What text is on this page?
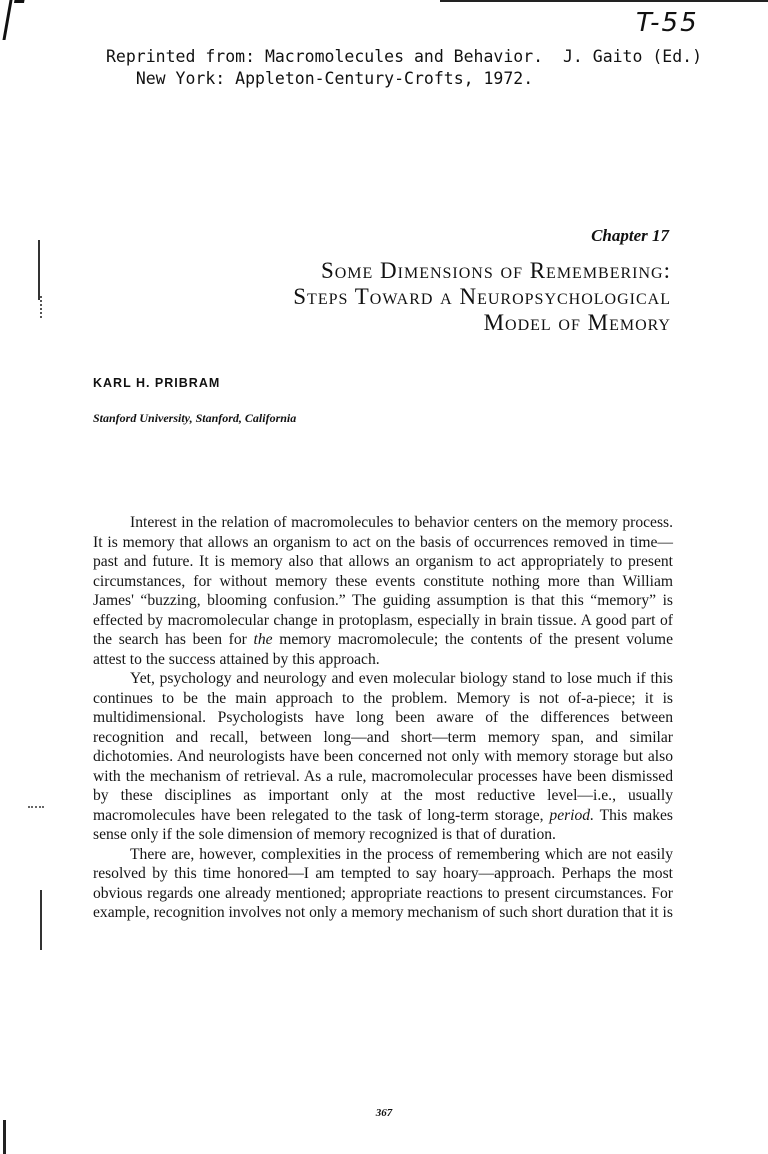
T-55
Reprinted from: Macromolecules and Behavior.  J. Gaito (Ed.)
New York: Appleton-Century-Crofts, 1972.
Chapter 17
Some Dimensions of Remembering:
Steps Toward a Neuropsychological
Model of Memory
KARL H. PRIBRAM
Stanford University, Stanford, California

Interest in the relation of macromolecules to behavior centers on the memory process. It is memory that allows an organism to act on the basis of occurrences removed in time—past and future. It is memory also that allows an organism to act appropriately to present circumstances, for without memory these events constitute nothing more than William James' “buzzing, blooming confusion.” The guiding assumption is that this “memory” is effected by macromolecular change in protoplasm, especially in brain tissue. A good part of the search has been for the memory macromolecule; the contents of the present volume attest to the success attained by this approach.

Yet, psychology and neurology and even molecular biology stand to lose much if this continues to be the main approach to the problem. Memory is not of-a-piece; it is multidimensional. Psychologists have long been aware of the differences between recognition and recall, between long—and short—term memory span, and similar dichotomies. And neurologists have been concerned not only with memory storage but also with the mechanism of retrieval. As a rule, macromolecular processes have been dismissed by these disciplines as important only at the most reductive level—i.e., usually macromolecules have been relegated to the task of long-term storage, period. This makes sense only if the sole dimension of memory recognized is that of duration.

There are, however, complexities in the process of remembering which are not easily resolved by this time honored—I am tempted to say hoary—approach. Perhaps the most obvious regards one already mentioned; appropriate reactions to present circumstances. For example, recognition involves not only a memory mechanism of such short duration that it is

367
